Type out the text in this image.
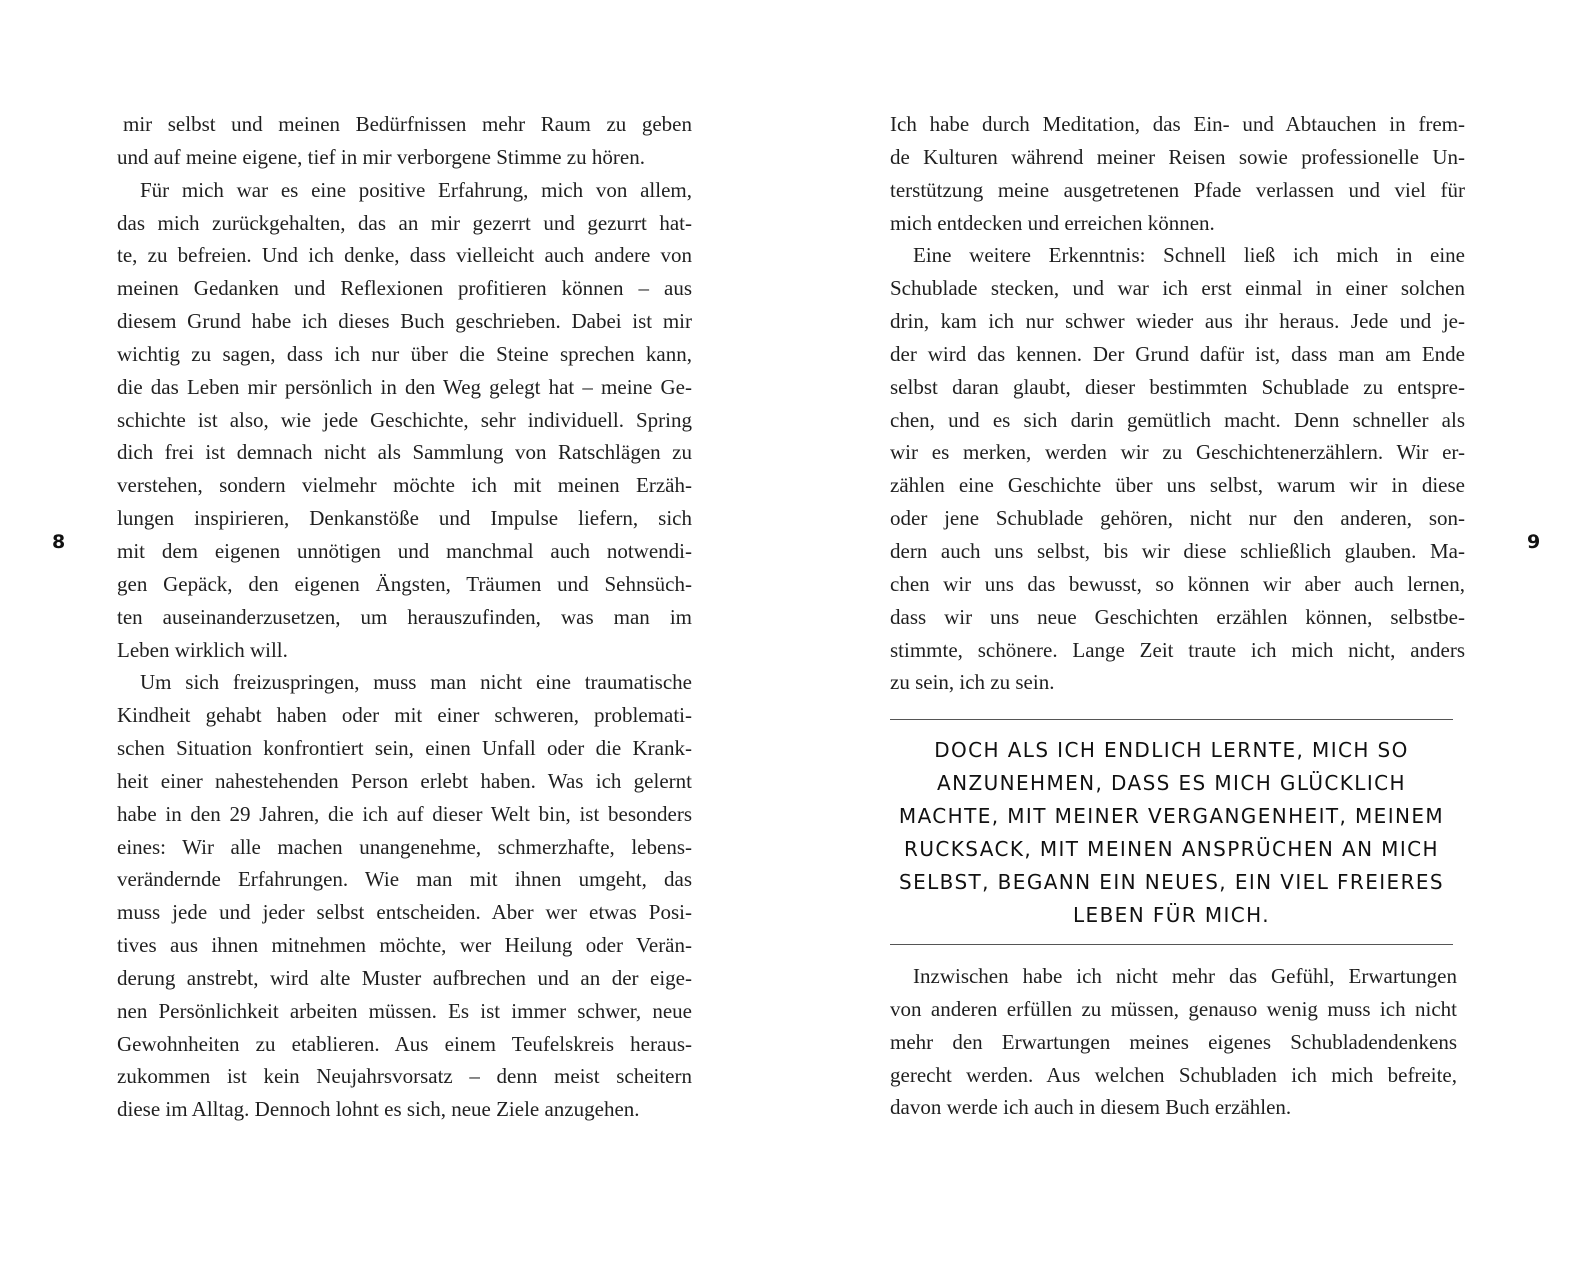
8	9
mir selbst und meinen Bedürfnissen mehr Raum zu geben
und auf meine eigene, tief in mir verborgene Stimme zu hören.
Für mich war es eine positive Erfahrung, mich von allem,
das mich zurückgehalten, das an mir gezerrt und gezurrt hat-
te, zu befreien. Und ich denke, dass vielleicht auch andere von
meinen Gedanken und Reflexionen profitieren können – aus
diesem Grund habe ich dieses Buch geschrieben. Dabei ist mir
wichtig zu sagen, dass ich nur über die Steine sprechen kann,
die das Leben mir persönlich in den Weg gelegt hat – meine Ge-
schichte ist also, wie jede Geschichte, sehr individuell. Spring
dich frei ist demnach nicht als Sammlung von Ratschlägen zu
verstehen, sondern vielmehr möchte ich mit meinen Erzäh-
lungen inspirieren, Denkanstöße und Impulse liefern, sich
mit dem eigenen unnötigen und manchmal auch notwendi-
gen Gepäck, den eigenen Ängsten, Träumen und Sehnsüch-
ten auseinanderzusetzen, um herauszufinden, was man im
Leben wirklich will.
Um sich freizuspringen, muss man nicht eine traumatische
Kindheit gehabt haben oder mit einer schweren, problemati-
schen Situation konfrontiert sein, einen Unfall oder die Krank-
heit einer nahestehenden Person erlebt haben. Was ich gelernt
habe in den 29 Jahren, die ich auf dieser Welt bin, ist besonders
eines: Wir alle machen unangenehme, schmerzhafte, lebens-
verändernde Erfahrungen. Wie man mit ihnen umgeht, das
muss jede und jeder selbst entscheiden. Aber wer etwas Posi-
tives aus ihnen mitnehmen möchte, wer Heilung oder Verän-
derung anstrebt, wird alte Muster aufbrechen und an der eige-
nen Persönlichkeit arbeiten müssen. Es ist immer schwer, neue
Gewohnheiten zu etablieren. Aus einem Teufelskreis heraus-
zukommen ist kein Neujahrsvorsatz – denn meist scheitern
diese im Alltag. Dennoch lohnt es sich, neue Ziele anzugehen.
Ich habe durch Meditation, das Ein- und Abtauchen in frem-
de Kulturen während meiner Reisen sowie professionelle Un-
terstützung meine ausgetretenen Pfade verlassen und viel für
mich entdecken und erreichen können.
Eine weitere Erkenntnis: Schnell ließ ich mich in eine
Schublade stecken, und war ich erst einmal in einer solchen
drin, kam ich nur schwer wieder aus ihr heraus. Jede und je-
der wird das kennen. Der Grund dafür ist, dass man am Ende
selbst daran glaubt, dieser bestimmten Schublade zu entspre-
chen, und es sich darin gemütlich macht. Denn schneller als
wir es merken, werden wir zu Geschichtenerzählern. Wir er-
zählen eine Geschichte über uns selbst, warum wir in diese
oder jene Schublade gehören, nicht nur den anderen, son-
dern auch uns selbst, bis wir diese schließlich glauben. Ma-
chen wir uns das bewusst, so können wir aber auch lernen,
dass wir uns neue Geschichten erzählen können, selbstbe-
stimmte, schönere. Lange Zeit traute ich mich nicht, anders
zu sein, ich zu sein.
DOCH ALS ICH ENDLICH LERNTE, MICH SO
ANZUNEHMEN, DASS ES MICH GLÜCKLICH
MACHTE, MIT MEINER VERGANGENHEIT, MEINEM
RUCKSACK, MIT MEINEN ANSPRÜCHEN AN MICH
SELBST, BEGANN EIN NEUES, EIN VIEL FREIERES
LEBEN FÜR MICH.
Inzwischen habe ich nicht mehr das Gefühl, Erwartungen
von anderen erfüllen zu müssen, genauso wenig muss ich nicht
mehr den Erwartungen meines eigenes Schubladendenkens
gerecht werden. Aus welchen Schubladen ich mich befreite,
davon werde ich auch in diesem Buch erzählen.
